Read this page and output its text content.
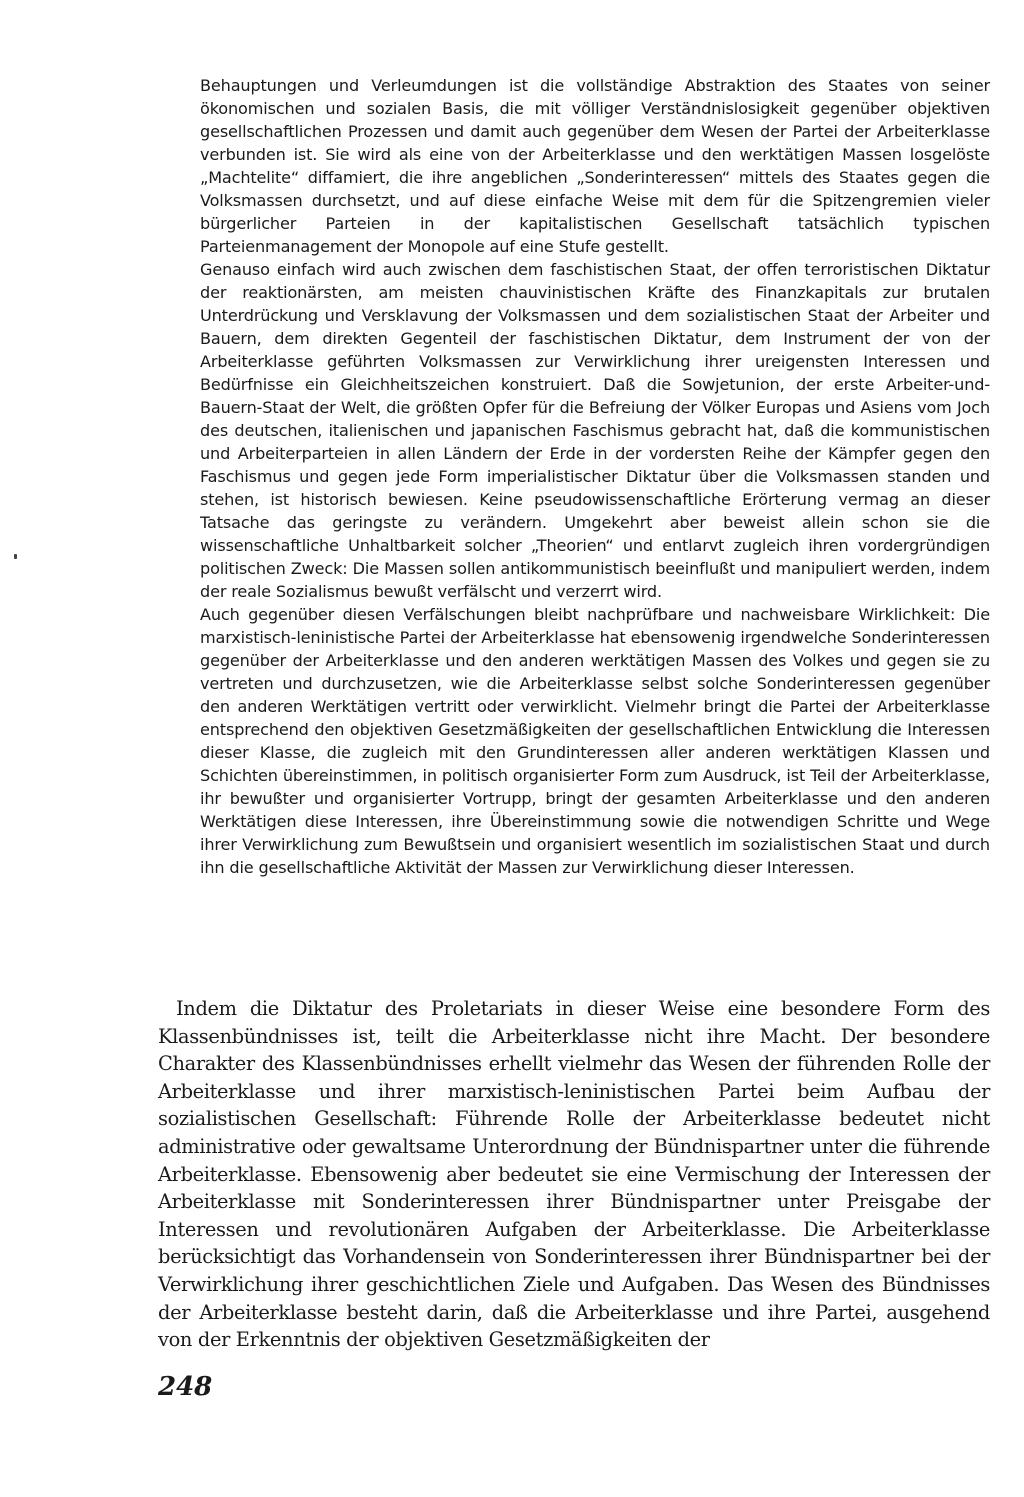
Behauptungen und Verleumdungen ist die vollständige Abstraktion des Staates von seiner ökonomischen und sozialen Basis, die mit völliger Verständnislosigkeit gegenüber objektiven gesellschaftlichen Prozessen und damit auch gegenüber dem Wesen der Partei der Arbeiterklasse verbunden ist. Sie wird als eine von der Arbeiterklasse und den werktätigen Massen losgelöste „Machtelite“ diffamiert, die ihre angeblichen „Sonderinteressen“ mittels des Staates gegen die Volksmassen durchsetzt, und auf diese einfache Weise mit dem für die Spitzengremien vieler bürgerlicher Parteien in der kapitalistischen Gesellschaft tatsächlich typischen Parteienmanagement der Monopole auf eine Stufe gestellt.

Genauso einfach wird auch zwischen dem faschistischen Staat, der offen terroristischen Diktatur der reaktionärsten, am meisten chauvinistischen Kräfte des Finanzkapitals zur brutalen Unterdrückung und Versklavung der Volksmassen und dem sozialistischen Staat der Arbeiter und Bauern, dem direkten Gegenteil der faschistischen Diktatur, dem Instrument der von der Arbeiterklasse geführten Volksmassen zur Verwirklichung ihrer ureigensten Interessen und Bedürfnisse ein Gleichheitszeichen konstruiert. Daß die Sowjetunion, der erste Arbeiter-und-Bauern-Staat der Welt, die größten Opfer für die Befreiung der Völker Europas und Asiens vom Joch des deutschen, italienischen und japanischen Faschismus gebracht hat, daß die kommunistischen und Arbeiterparteien in allen Ländern der Erde in der vordersten Reihe der Kämpfer gegen den Faschismus und gegen jede Form imperialistischer Diktatur über die Volksmassen standen und stehen, ist historisch bewiesen. Keine pseudowissenschaftliche Erörterung vermag an dieser Tatsache das geringste zu verändern. Umgekehrt aber beweist allein schon sie die wissenschaftliche Unhaltbarkeit solcher „Theorien“ und entlarvt zugleich ihren vordergründigen politischen Zweck: Die Massen sollen antikommunistisch beeinflußt und manipuliert werden, indem der reale Sozialismus bewußt verfälscht und verzerrt wird.

Auch gegenüber diesen Verfälschungen bleibt nachprüfbare und nachweisbare Wirklichkeit: Die marxistisch-leninistische Partei der Arbeiterklasse hat ebensowenig irgendwelche Sonderinteressen gegenüber der Arbeiterklasse und den anderen werktätigen Massen des Volkes und gegen sie zu vertreten und durchzusetzen, wie die Arbeiterklasse selbst solche Sonderinteressen gegenüber den anderen Werktätigen vertritt oder verwirklicht. Vielmehr bringt die Partei der Arbeiterklasse entsprechend den objektiven Gesetzmäßigkeiten der gesellschaftlichen Entwicklung die Interessen dieser Klasse, die zugleich mit den Grundinteressen aller anderen werktätigen Klassen und Schichten übereinstimmen, in politisch organisierter Form zum Ausdruck, ist Teil der Arbeiterklasse, ihr bewußter und organisierter Vortrupp, bringt der gesamten Arbeiterklasse und den anderen Werktätigen diese Interessen, ihre Übereinstimmung sowie die notwendigen Schritte und Wege ihrer Verwirklichung zum Bewußtsein und organisiert wesentlich im sozialistischen Staat und durch ihn die gesellschaftliche Aktivität der Massen zur Verwirklichung dieser Interessen.

Indem die Diktatur des Proletariats in dieser Weise eine besondere Form des Klassenbündnisses ist, teilt die Arbeiterklasse nicht ihre Macht. Der besondere Charakter des Klassenbündnisses erhellt vielmehr das Wesen der führenden Rolle der Arbeiterklasse und ihrer marxistisch-leninistischen Partei beim Aufbau der sozialistischen Gesellschaft: Führende Rolle der Arbeiterklasse bedeutet nicht administrative oder gewaltsame Unterordnung der Bündnispartner unter die führende Arbeiterklasse. Ebensowenig aber bedeutet sie eine Vermischung der Interessen der Arbeiterklasse mit Sonderinteressen ihrer Bündnispartner unter Preisgabe der Interessen und revolutionären Aufgaben der Arbeiterklasse. Die Arbeiterklasse berücksichtigt das Vorhandensein von Sonderinteressen ihrer Bündnispartner bei der Verwirklichung ihrer geschichtlichen Ziele und Aufgaben. Das Wesen des Bündnisses der Arbeiterklasse besteht darin, daß die Arbeiterklasse und ihre Partei, ausgehend von der Erkenntnis der objektiven Gesetzmäßigkeiten der

248
